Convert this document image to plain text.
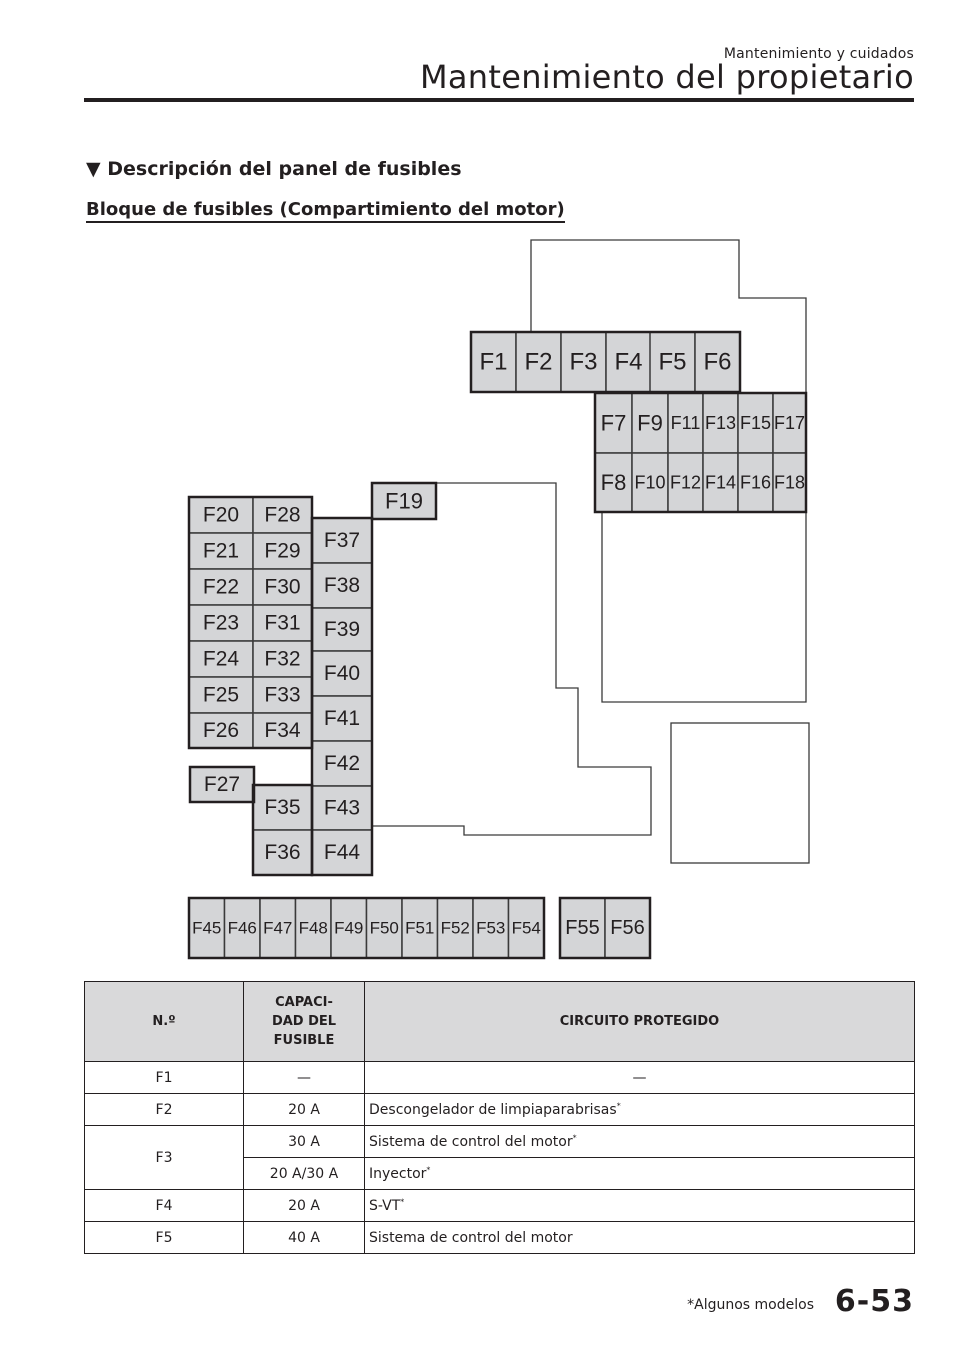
Mantenimiento y cuidados
Mantenimiento del propietario
▼ Descripción del panel de fusibles
Bloque de fusibles (Compartimiento del motor)
F1 F2 F3 F4 F5 F6
F7
F8
F9
F10
F11
F12
F13
F14
F15
F16
F17
F18
F19
F20
F21
F22
F23
F24
F25
F26
F27
F28
F29
F30
F31
F32
F33
F34
F35
F36
F37
F38
F39
F40
F41
F42
F43
F44
F45 F46 F47 F48 F49 F50 F51 F52 F53 F54 F55 F56
N.º	CAPACI-
DAD DEL
FUSIBLE	CIRCUITO PROTEGIDO
F1	—	—
F2	20 A	Descongelador de limpiaparabrisas*
F3	30 A	Sistema de control del motor*
	20 A/30 A	Inyector*
F4	20 A	S-VT*
F5	40 A	Sistema de control del motor
*Algunos modelos 6-53
